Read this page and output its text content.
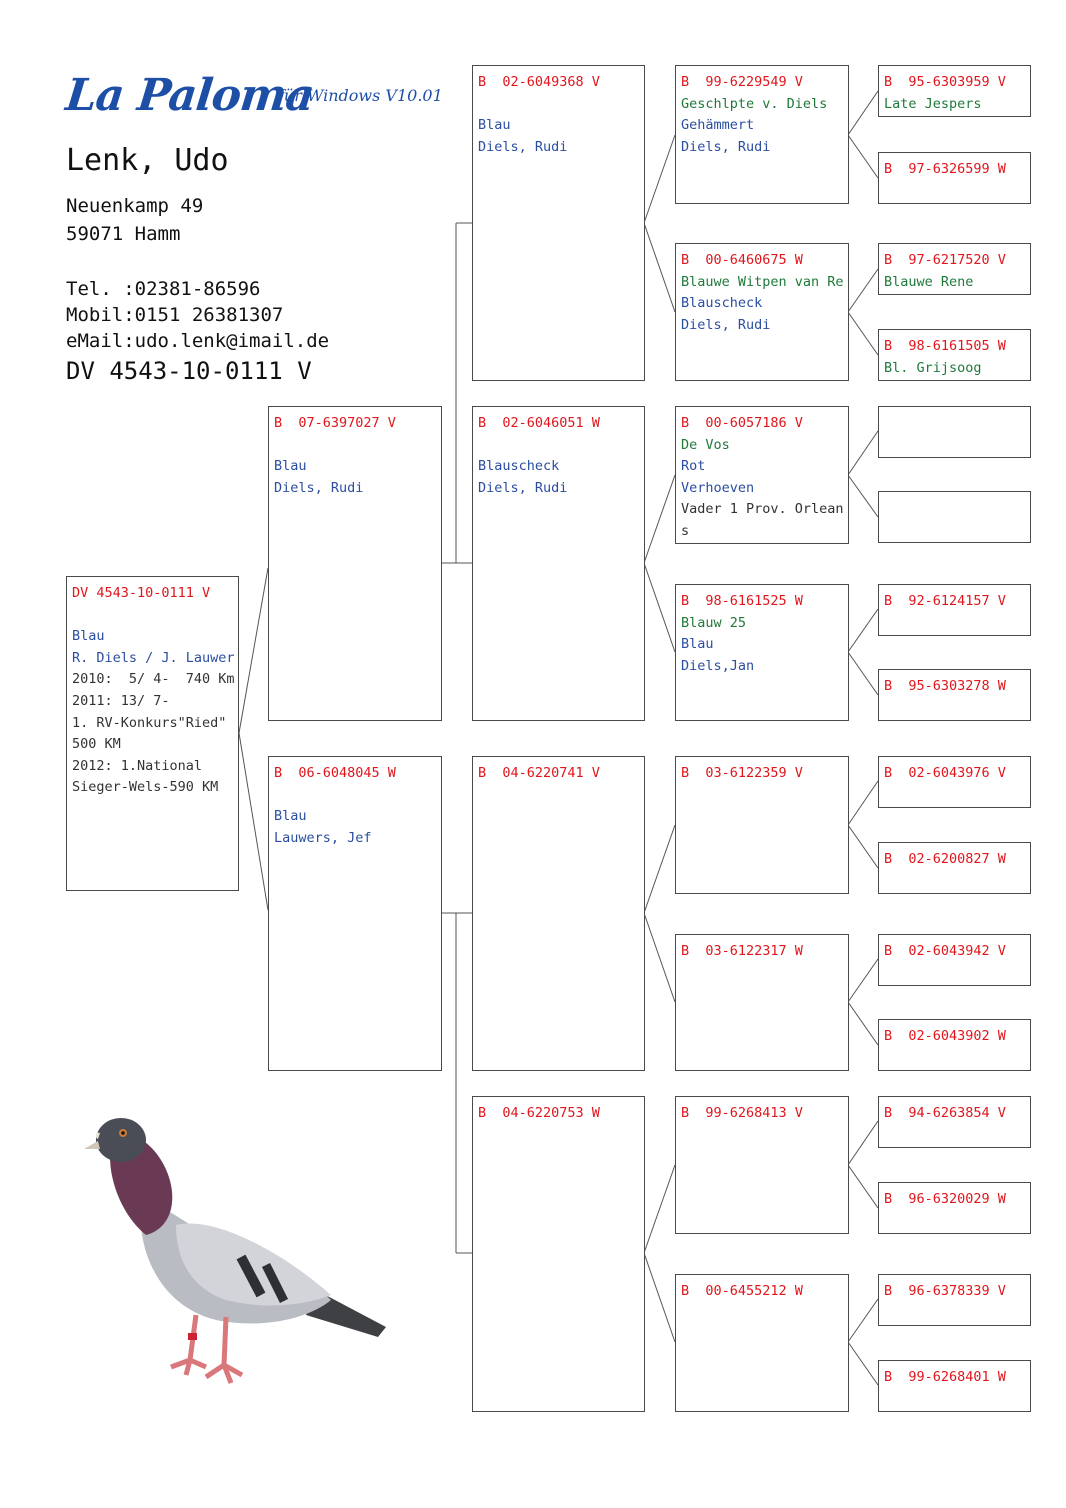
La Paloma
für Windows V10.01
Lenk, Udo
Neuenkamp 49
59071 Hamm
Tel. :02381-86596
Mobil:0151 26381307
eMail:udo.lenk@imail.de
DV 4543-10-0111 V
DV 4543-10-0111 V

Blau
R. Diels / J. Lauwer
2010:  5/ 4-  740 Km
2011: 13/ 7-
1. RV-Konkurs"Ried"
500 KM
2012: 1.National
Sieger-Wels-590 KM
B  07-6397027 V

Blau
Diels, Rudi
B  06-6048045 W

Blau
Lauwers, Jef
B  02-6049368 V

Blau
Diels, Rudi
B  02-6046051 W

Blauscheck
Diels, Rudi
B  04-6220741 V
B  04-6220753 W
B  99-6229549 V
Geschlpte v. Diels
Gehämmert
Diels, Rudi
B  00-6460675 W
Blauwe Witpen van Re
Blauscheck
Diels, Rudi
B  00-6057186 V
De Vos
Rot
Verhoeven
Vader 1 Prov. Orlean
s
B  98-6161525 W
Blauw 25
Blau
Diels,Jan
B  03-6122359 V
B  03-6122317 W
B  99-6268413 V
B  00-6455212 W
B  95-6303959 V
Late Jespers
B  97-6326599 W
B  97-6217520 V
Blauwe Rene
B  98-6161505 W
Bl. Grijsoog
B  92-6124157 V
B  95-6303278 W
B  02-6043976 V
B  02-6200827 W
B  02-6043942 V
B  02-6043902 W
B  94-6263854 V
B  96-6320029 W
B  96-6378339 V
B  99-6268401 W
